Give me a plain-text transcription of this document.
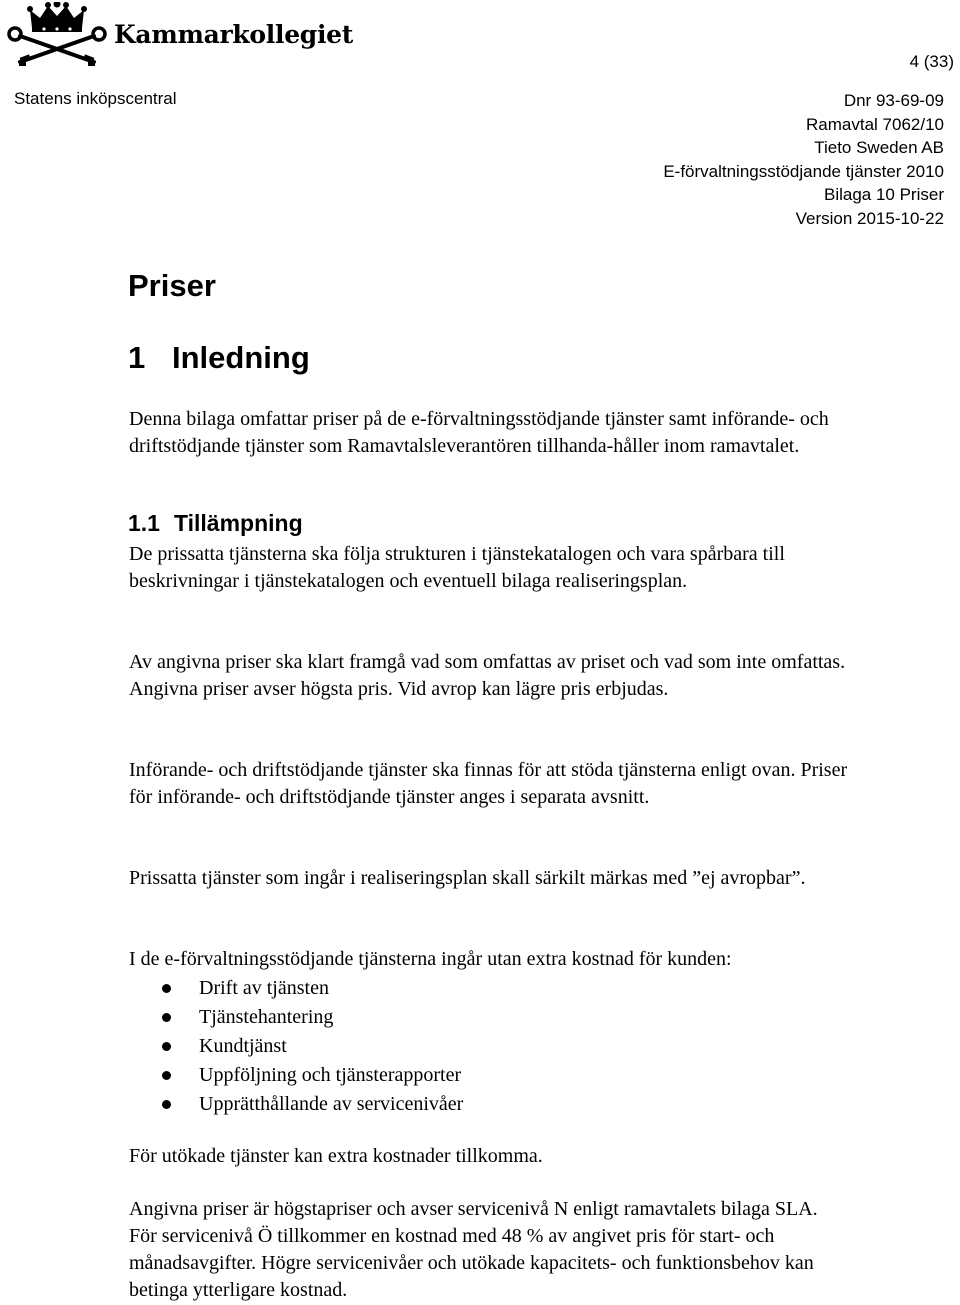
Kammarkollegiet
4 (33)
Statens inköpscentral	Dnr 93-69-09
Ramavtal 7062/10
Tieto Sweden AB
E-förvaltningsstödjande tjänster 2010
Bilaga 10 Priser
Version 2015-10-22
Priser
1 Inledning

Denna bilaga omfattar priser på de e-förvaltningsstödjande tjänster samt införande- och driftstödjande tjänster som Ramavtalsleverantören tillhanda-håller inom ramavtalet.

1.1 Tillämpning

De prissatta tjänsterna ska följa strukturen i tjänstekatalogen och vara spårbara till beskrivningar i tjänstekatalogen och eventuell bilaga realiseringsplan.

Av angivna priser ska klart framgå vad som omfattas av priset och vad som inte omfattas. Angivna priser avser högsta pris. Vid avrop kan lägre pris erbjudas.

Införande- och driftstödjande tjänster ska finnas för att stöda tjänsterna enligt ovan. Priser för införande- och driftstödjande tjänster anges i separata avsnitt.

Prissatta tjänster som ingår i realiseringsplan skall särkilt märkas med ”ej avropbar”.

I de e-förvaltningsstödjande tjänsterna ingår utan extra kostnad för kunden:

Drift av tjänsten
Tjänstehantering
Kundtjänst
Uppföljning och tjänsterapporter
Upprätthållande av servicenivåer

För utökade tjänster kan extra kostnader tillkomma.

Angivna priser är högstapriser och avser servicenivå N enligt ramavtalets bilaga SLA. För servicenivå Ö tillkommer en kostnad med 48 % av angivet pris för start- och månadsavgifter. Högre servicenivåer och utökade kapacitets- och funktionsbehov kan betinga ytterligare kostnad.
